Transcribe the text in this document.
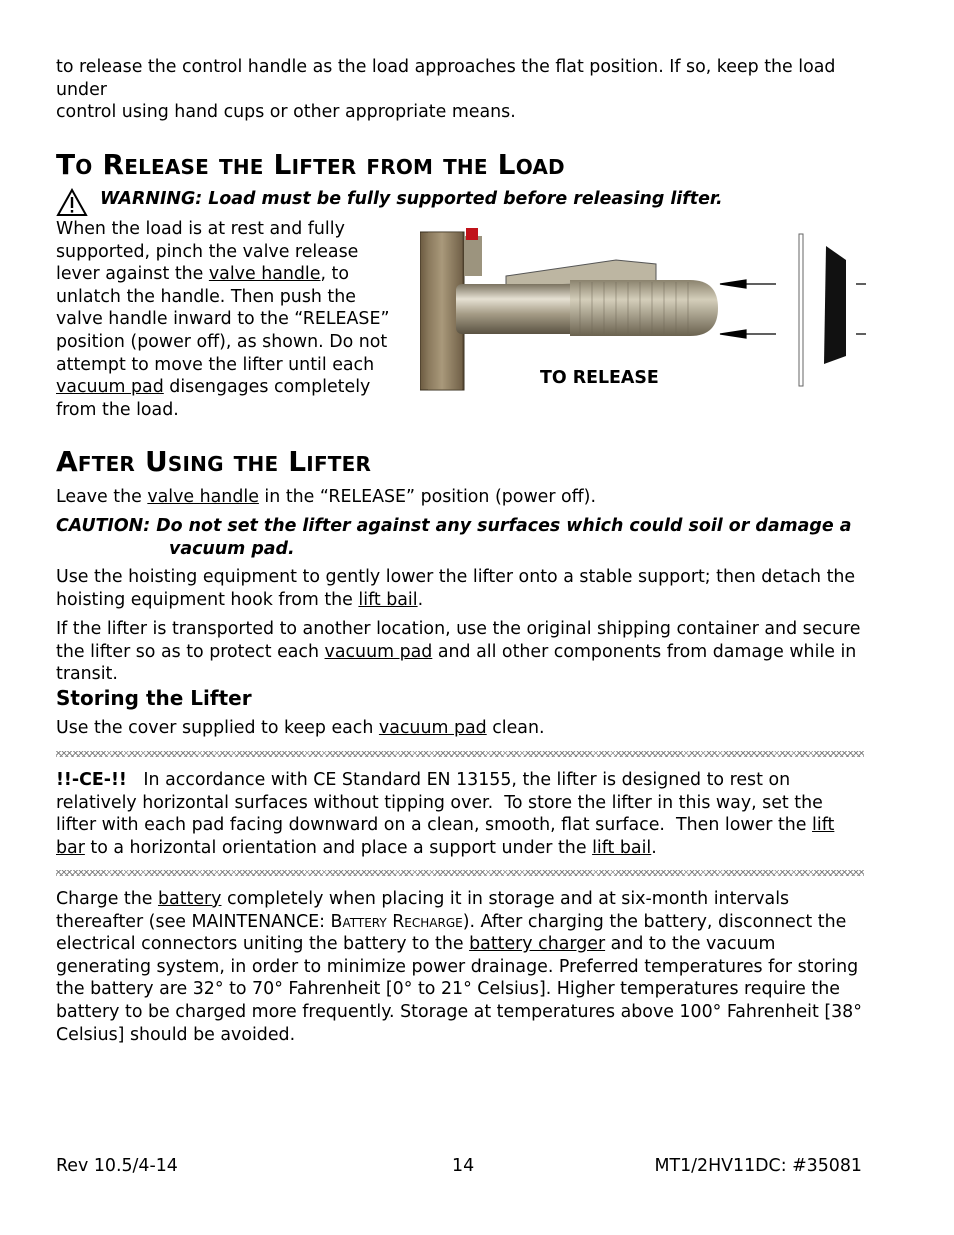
to release the control handle as the load approaches the flat position. If so, keep the load under

control using hand cups or other appropriate means.

To Release the Lifter from the Load
WARNING: Load must be fully supported before releasing lifter.

When the load is at rest and fully supported, pinch the valve release lever against the valve handle, to unlatch the handle. Then push the valve handle inward to the “RELEASE” position (power off), as shown. Do not attempt to move the lifter until each vacuum pad disengages completely from the load.

TO RELEASE
After Using the Lifter

Leave the valve handle in the “RELEASE” position (power off).

CAUTION: Do not set the lifter against any surfaces which could soil or damage a

vacuum pad.

Use the hoisting equipment to gently lower the lifter onto a stable support; then detach the hoisting equipment hook from the lift bail.

If the lifter is transported to another location, use the original shipping container and secure the lifter so as to protect each vacuum pad and all other components from damage while in transit.

Storing the Lifter

Use the cover supplied to keep each vacuum pad clean.

!!-CE-!!   In accordance with CE Standard EN 13155, the lifter is designed to rest on relatively horizontal surfaces without tipping over.  To store the lifter in this way, set the lifter with each pad facing downward on a clean, smooth, flat surface.  Then lower the lift bar to a horizontal orientation and place a support under the lift bail.

Charge the battery completely when placing it in storage and at six-month intervals thereafter (see MAINTENANCE: Battery Recharge). After charging the battery, disconnect the electrical connectors uniting the battery to the battery charger and to the vacuum generating system, in order to minimize power drainage. Preferred temperatures for storing the battery are 32° to 70° Fahrenheit [0° to 21° Celsius]. Higher temperatures require the battery to be charged more frequently. Storage at temperatures above 100° Fahrenheit [38° Celsius] should be avoided.

Rev 10.5/4-14	14	MT1/2HV11DC: #35081
